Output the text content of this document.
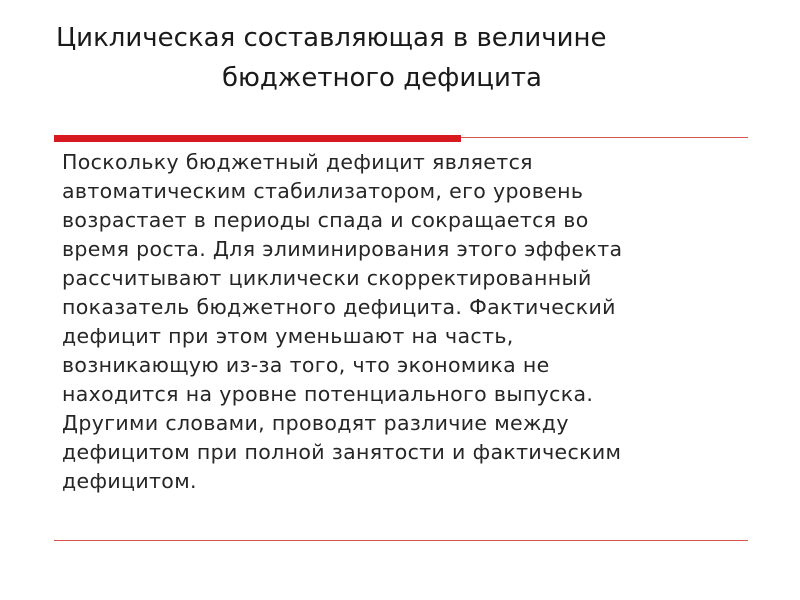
Циклическая составляющая в величине
бюджетного дефицита

Поскольку бюджетный дефицит является
автоматическим стабилизатором, его уровень
возрастает в периоды спада и сокращается во
время роста. Для элиминирования этого эффекта
рассчитывают циклически скорректированный
показатель бюджетного дефицита. Фактический
дефицит при этом уменьшают на часть,
возникающую из-за того, что экономика не
находится на уровне потенциального выпуска.
Другими словами, проводят различие между
дефицитом при полной занятости и фактическим
дефицитом.
